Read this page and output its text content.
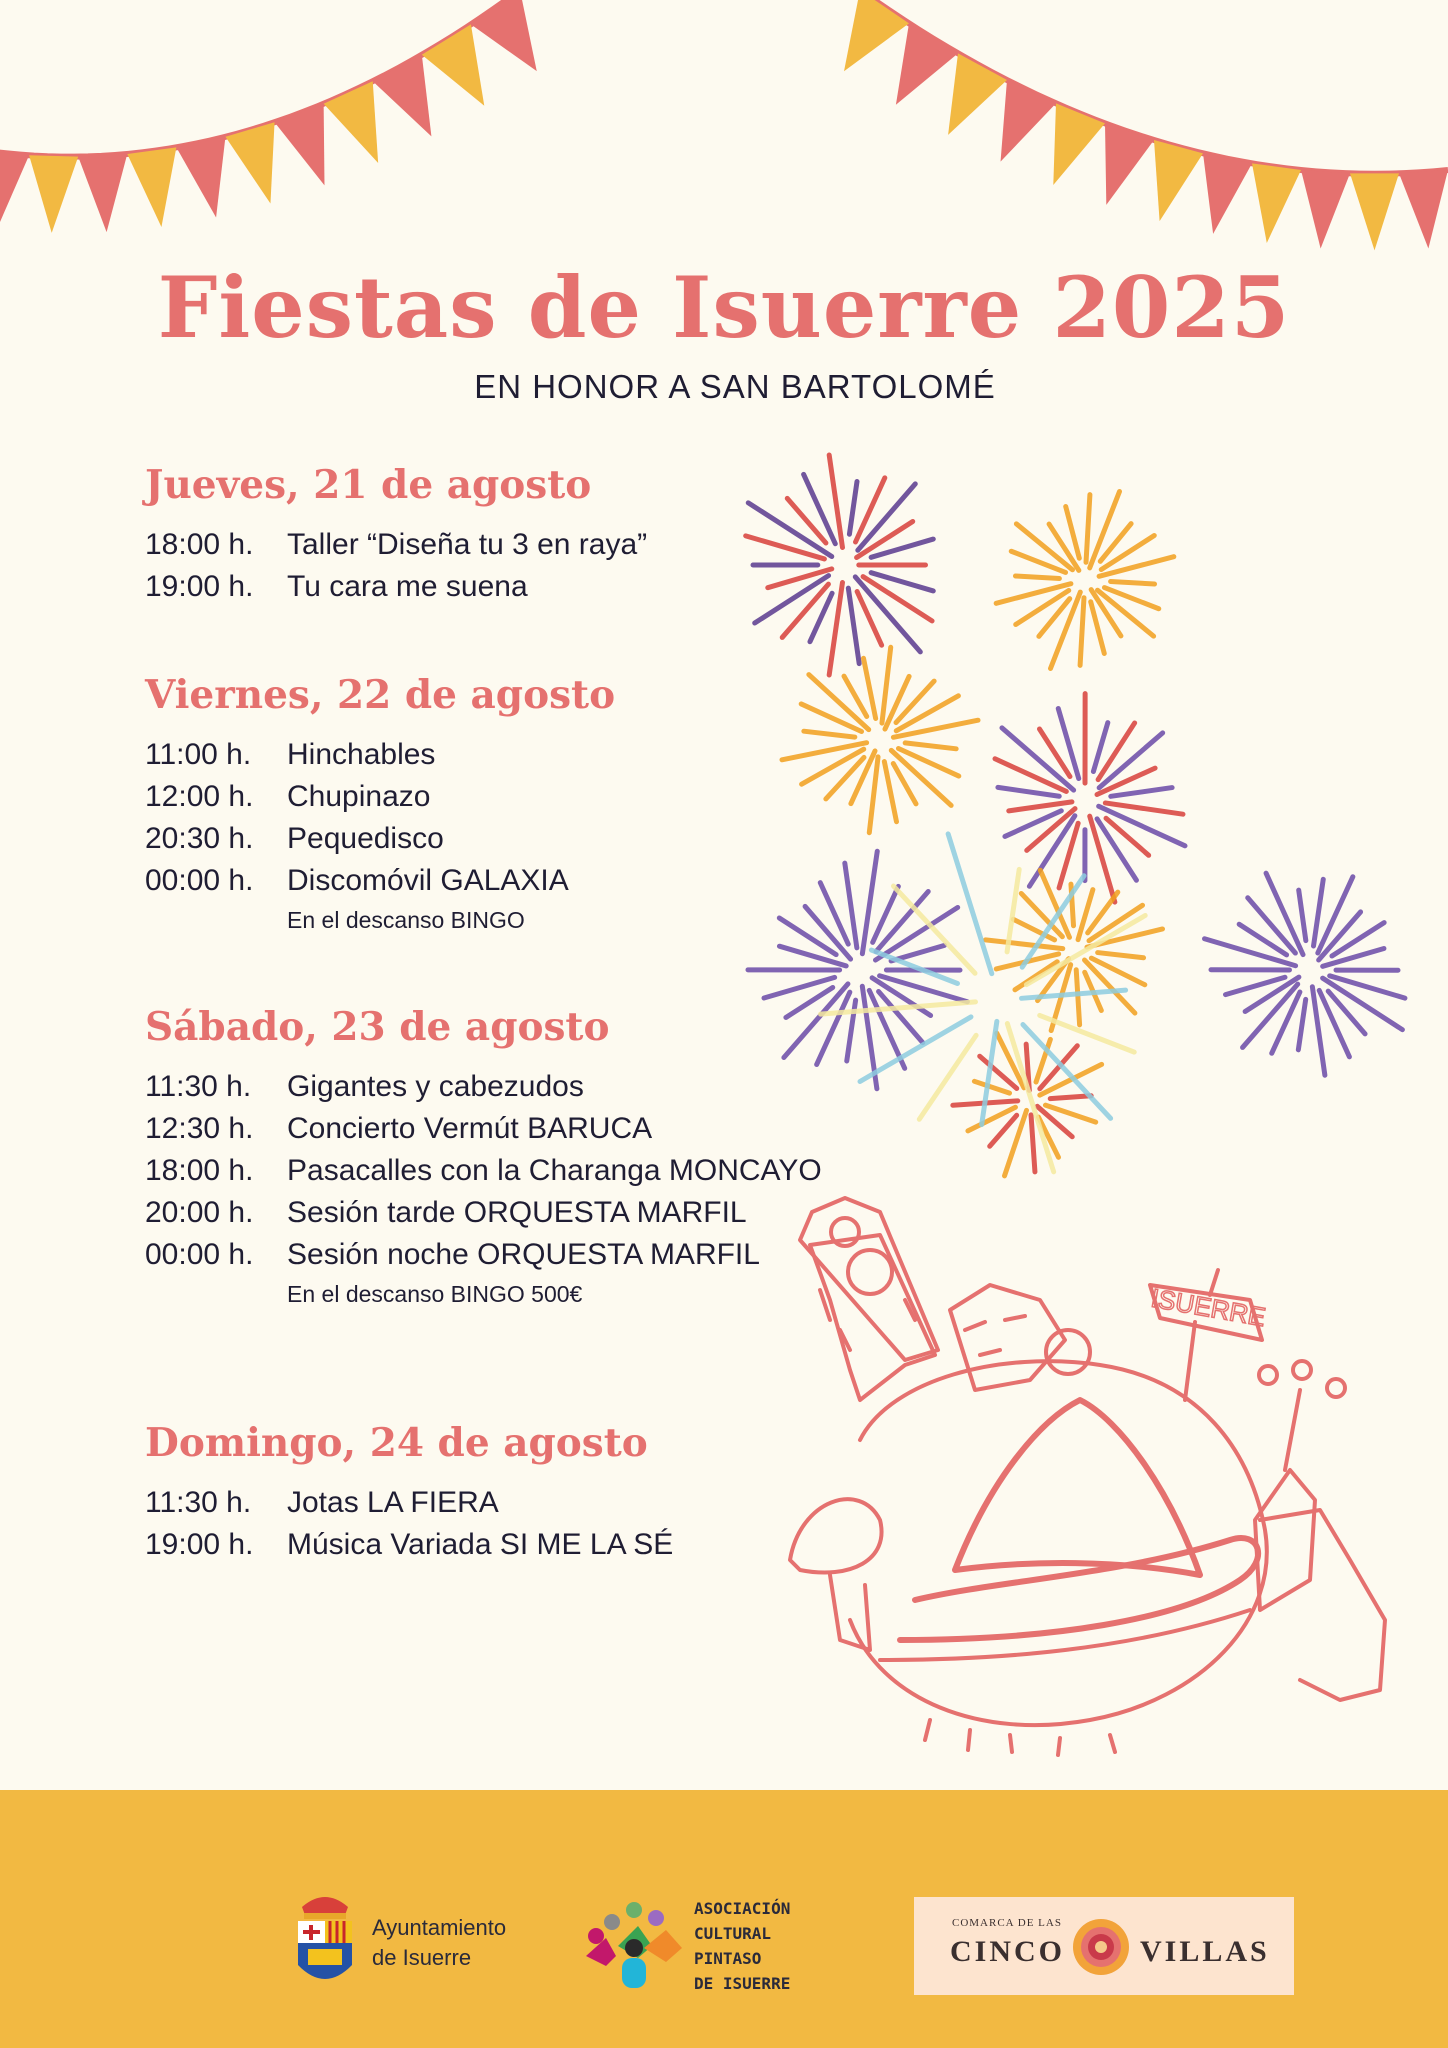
Fiestas de Isuerre 2025
EN HONOR A SAN BARTOLOMÉ
ISUERRE
Jueves, 21 de agosto
18:00 h.	Taller “Diseña tu 3 en raya”
19:00 h.	Tu cara me suena
Viernes, 22 de agosto
11:00 h.	Hinchables
12:00 h.	Chupinazo
20:30 h.	Pequedisco
00:00 h.	Discomóvil GALAXIA
En el descanso BINGO
Sábado, 23 de agosto
11:30 h.	Gigantes y cabezudos
12:30 h.	Concierto Vermút BARUCA
18:00 h.	Pasacalles con la Charanga MONCAYO
20:00 h.	Sesión tarde ORQUESTA MARFIL
00:00 h.	Sesión noche ORQUESTA MARFIL
En el descanso BINGO 500€
Domingo, 24 de agosto
11:30 h.	Jotas LA FIERA
19:00 h.	Música Variada SI ME LA SÉ
Ayuntamiento
de Isuerre
ASOCIACIÓN CULTURAL
PINTASO
DE ISUERRE
COMARCA DE LAS
CINCO VILLAS
